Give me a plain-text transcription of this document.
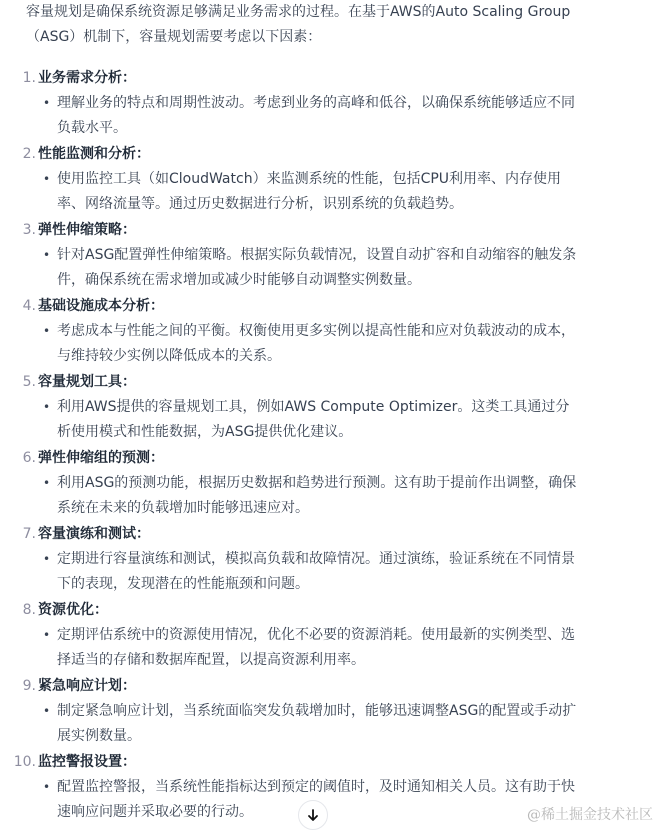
容量规划是确保系统资源足够满足业务需求的过程。在基于AWS的Auto Scaling Group
（ASG）机制下，容量规划需要考虑以下因素：

1. 业务需求分析：

• 理解业务的特点和周期性波动。考虑到业务的高峰和低谷，以确保系统能够适应不同负载水平。

2. 性能监测和分析：

• 使用监控工具（如CloudWatch）来监测系统的性能，包括CPU利用率、内存使用率、网络流量等。通过历史数据进行分析，识别系统的负载趋势。

3. 弹性伸缩策略：

• 针对ASG配置弹性伸缩策略。根据实际负载情况，设置自动扩容和自动缩容的触发条件，确保系统在需求增加或减少时能够自动调整实例数量。

4. 基础设施成本分析：

• 考虑成本与性能之间的平衡。权衡使用更多实例以提高性能和应对负载波动的成本，与维持较少实例以降低成本的关系。

5. 容量规划工具：

• 利用AWS提供的容量规划工具，例如AWS Compute Optimizer。这类工具通过分析使用模式和性能数据，为ASG提供优化建议。

6. 弹性伸缩组的预测：

• 利用ASG的预测功能，根据历史数据和趋势进行预测。这有助于提前作出调整，确保系统在未来的负载增加时能够迅速应对。

7. 容量演练和测试：

• 定期进行容量演练和测试，模拟高负载和故障情况。通过演练，验证系统在不同情景下的表现，发现潜在的性能瓶颈和问题。

8. 资源优化：

• 定期评估系统中的资源使用情况，优化不必要的资源消耗。使用最新的实例类型、选择适当的存储和数据库配置，以提高资源利用率。

9. 紧急响应计划：

• 制定紧急响应计划，当系统面临突发负载增加时，能够迅速调整ASG的配置或手动扩展实例数量。

10. 监控警报设置：

• 配置监控警报，当系统性能指标达到预定的阈值时，及时通知相关人员。这有助于快速响应问题并采取必要的行动。	@稀土掘金技术社区
